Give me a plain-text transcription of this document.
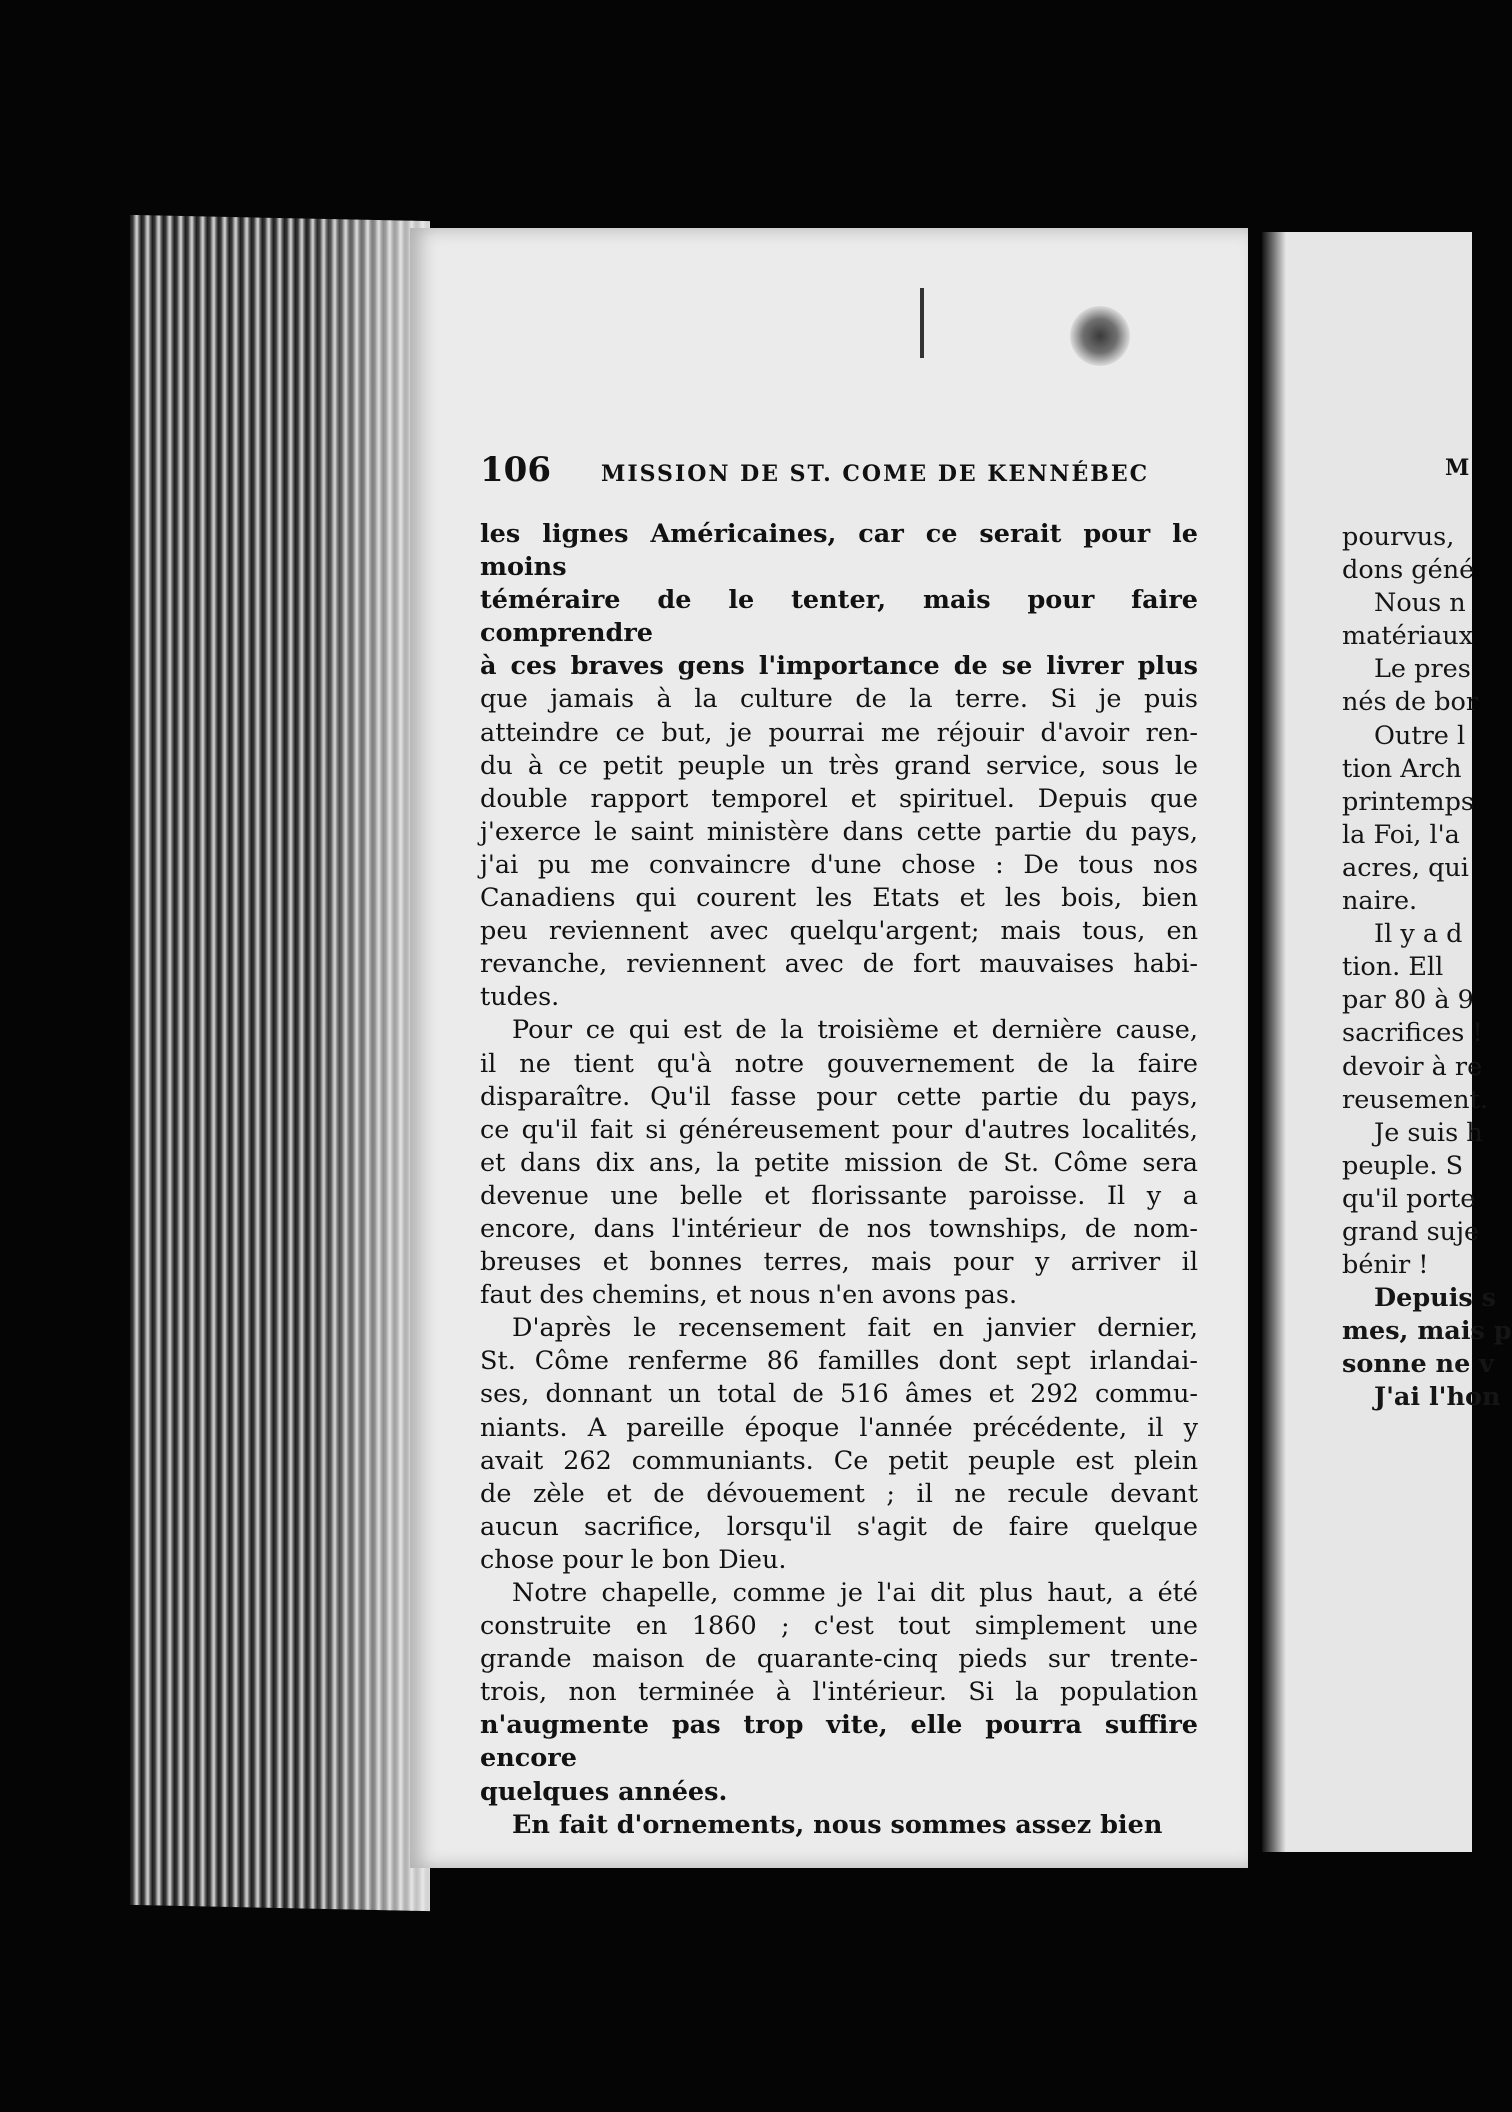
106 MISSION DE ST. COME DE KENNÉBEC

les lignes Américaines, car ce serait pour le moins

téméraire de le tenter, mais pour faire comprendre

à ces braves gens l'importance de se livrer plus

que jamais à la culture de la terre. Si je puis

atteindre ce but, je pourrai me réjouir d'avoir ren-

du à ce petit peuple un très grand service, sous le

double rapport temporel et spirituel. Depuis que

j'exerce le saint ministère dans cette partie du pays,

j'ai pu me convaincre d'une chose : De tous nos

Canadiens qui courent les Etats et les bois, bien

peu reviennent avec quelqu'argent; mais tous, en

revanche, reviennent avec de fort mauvaises habi-

tudes.

Pour ce qui est de la troisième et dernière cause,

il ne tient qu'à notre gouvernement de la faire

disparaître. Qu'il fasse pour cette partie du pays,

ce qu'il fait si généreusement pour d'autres localités,

et dans dix ans, la petite mission de St. Côme sera

devenue une belle et florissante paroisse. Il y a

encore, dans l'intérieur de nos townships, de nom-

breuses et bonnes terres, mais pour y arriver il

faut des chemins, et nous n'en avons pas.

D'après le recensement fait en janvier dernier,

St. Côme renferme 86 familles dont sept irlandai-

ses, donnant un total de 516 âmes et 292 commu-

niants. A pareille époque l'année précédente, il y

avait 262 communiants. Ce petit peuple est plein

de zèle et de dévouement ; il ne recule devant

aucun sacrifice, lorsqu'il s'agit de faire quelque

chose pour le bon Dieu.

Notre chapelle, comme je l'ai dit plus haut, a été

construite en 1860 ; c'est tout simplement une

grande maison de quarante-cinq pieds sur trente-

trois, non terminée à l'intérieur. Si la population

n'augmente pas trop vite, elle pourra suffire encore

quelques années.

En fait d'ornements, nous sommes assez bien

M
pourvus,
dons géné
Nous n
matériaux
Le pres
nés de bor
Outre l
tion Arch
printemps
la Foi, l'a
acres, qui
naire.
Il y a d
tion. Ell
par 80 à 9
sacrifices !
devoir à re
reusement.
Je suis h
peuple. S
qu'il porte
grand suje
bénir !
Depuis s
mes, mais p
sonne ne v
J'ai l'hon
